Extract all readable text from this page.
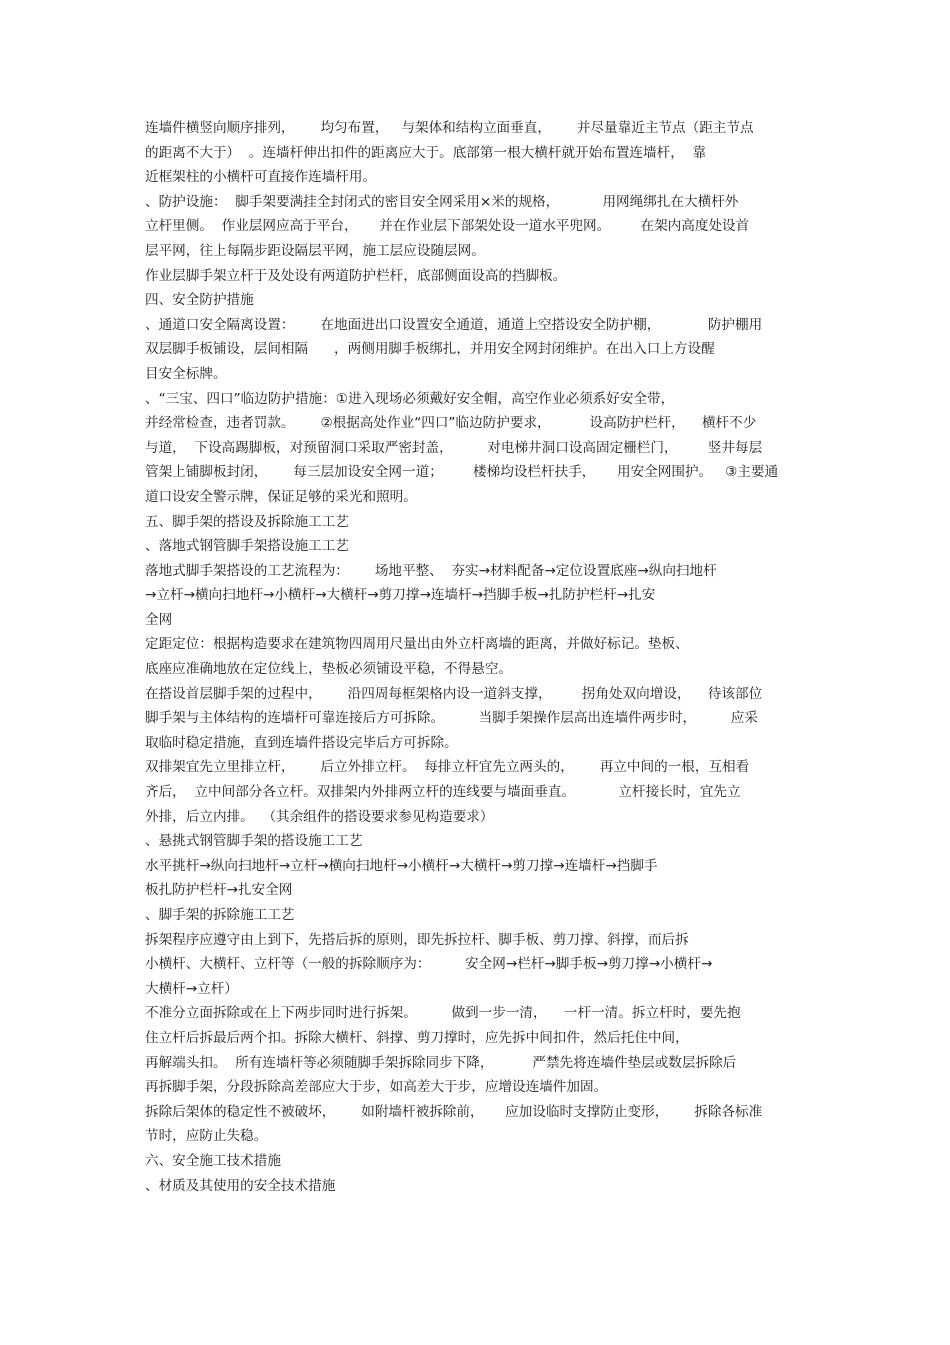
连墙件横竖向顺序排列，      均匀布置，   与架体和结构立面垂直，      并尽量靠近主节点（距主节点
的距离不大于）  。连墙杆伸出扣件的距离应大于。底部第一根大横杆就开始布置连墙杆，  靠
近框架柱的小横杆可直接作连墙杆用。
、防护设施：  脚手架要满挂全封闭式的密目安全网采用×米的规格，          用网绳绑扎在大横杆外
立杆里侧。  作业层网应高于平台，     并在作业层下部架处设一道水平兜网。       在架内高度处设首
层平网，往上每隔步距设隔层平网，施工层应设随层网。
作业层脚手架立杆于及处设有两道防护栏杆，底部侧面设高的挡脚板。
四、安全防护措施
、通道口安全隔离设置：      在地面进出口设置安全通道，通道上空搭设安全防护棚，           防护棚用
双层脚手板铺设，层间相隔      ，两侧用脚手板绑扎，并用安全网封闭维护。在出入口上方设醒
目安全标牌。
、“三宝、四口”临边防护措施：①进入现场必须戴好安全帽，高空作业必须系好安全带，
并经常检查，违者罚款。      ②根据高处作业“四口”临边防护要求，         设高防护栏杆，    横杆不少
与道，  下设高踢脚板，对预留洞口采取严密封盖，        对电梯井洞口设高固定栅栏门，       竖井每层
管架上铺脚板封闭，      每三层加设安全网一道；       楼梯均设栏杆扶手，     用安全网围护。   ③主要通
道口设安全警示牌，保证足够的采光和照明。
五、脚手架的搭设及拆除施工工艺
、落地式钢管脚手架搭设施工工艺
落地式脚手架搭设的工艺流程为：      场地平整、  夯实→材料配备→定位设置底座→纵向扫地杆
→立杆→横向扫地杆→小横杆→大横杆→剪刀撑→连墙杆→挡脚手板→扎防护栏杆→扎安
全网
定距定位：根据构造要求在建筑物四周用尺量出由外立杆离墙的距离，并做好标记。垫板、
底座应准确地放在定位线上，垫板必须铺设平稳，不得悬空。
在搭设首层脚手架的过程中，      沿四周每框架格内设一道斜支撑，       拐角处双向增设，    待该部位
脚手架与主体结构的连墙杆可靠连接后方可拆除。        当脚手架操作层高出连墙件两步时，        应采
取临时稳定措施，直到连墙件搭设完毕后方可拆除。
双排架宜先立里排立杆，      后立外排立杆。  每排立杆宜先立两头的，      再立中间的一根，互相看
齐后，  立中间部分各立杆。双排架内外排两立杆的连线要与墙面垂直。          立杆接长时，宜先立
外排，后立内排。  （其余组件的搭设要求参见构造要求）
、悬挑式钢管脚手架的搭设施工工艺
水平挑杆→纵向扫地杆→立杆→横向扫地杆→小横杆→大横杆→剪刀撑→连墙杆→挡脚手
板扎防护栏杆→扎安全网
、脚手架的拆除施工工艺
拆架程序应遵守由上到下，先搭后拆的原则，即先拆拉杆、脚手板、剪刀撑、斜撑，而后拆
小横杆、大横杆、立杆等（一般的拆除顺序为：        安全网→栏杆→脚手板→剪刀撑→小横杆→
大横杆→立杆）
不准分立面拆除或在上下两步同时进行拆架。        做到一步一清，    一杆一清。拆立杆时，要先抱
住立杆后拆最后两个扣。拆除大横杆、斜撑、剪刀撑时，应先拆中间扣件，然后托住中间，
再解端头扣。  所有连墙杆等必须随脚手架拆除同步下降，         严禁先将连墙件垫层或数层拆除后
再拆脚手架，分段拆除高差部应大于步，如高差大于步，应增设连墙件加固。
拆除后架体的稳定性不被破坏，      如附墙杆被拆除前，     应加设临时支撑防止变形，      拆除各标准
节时，应防止失稳。
六、安全施工技术措施
、材质及其使用的安全技术措施
